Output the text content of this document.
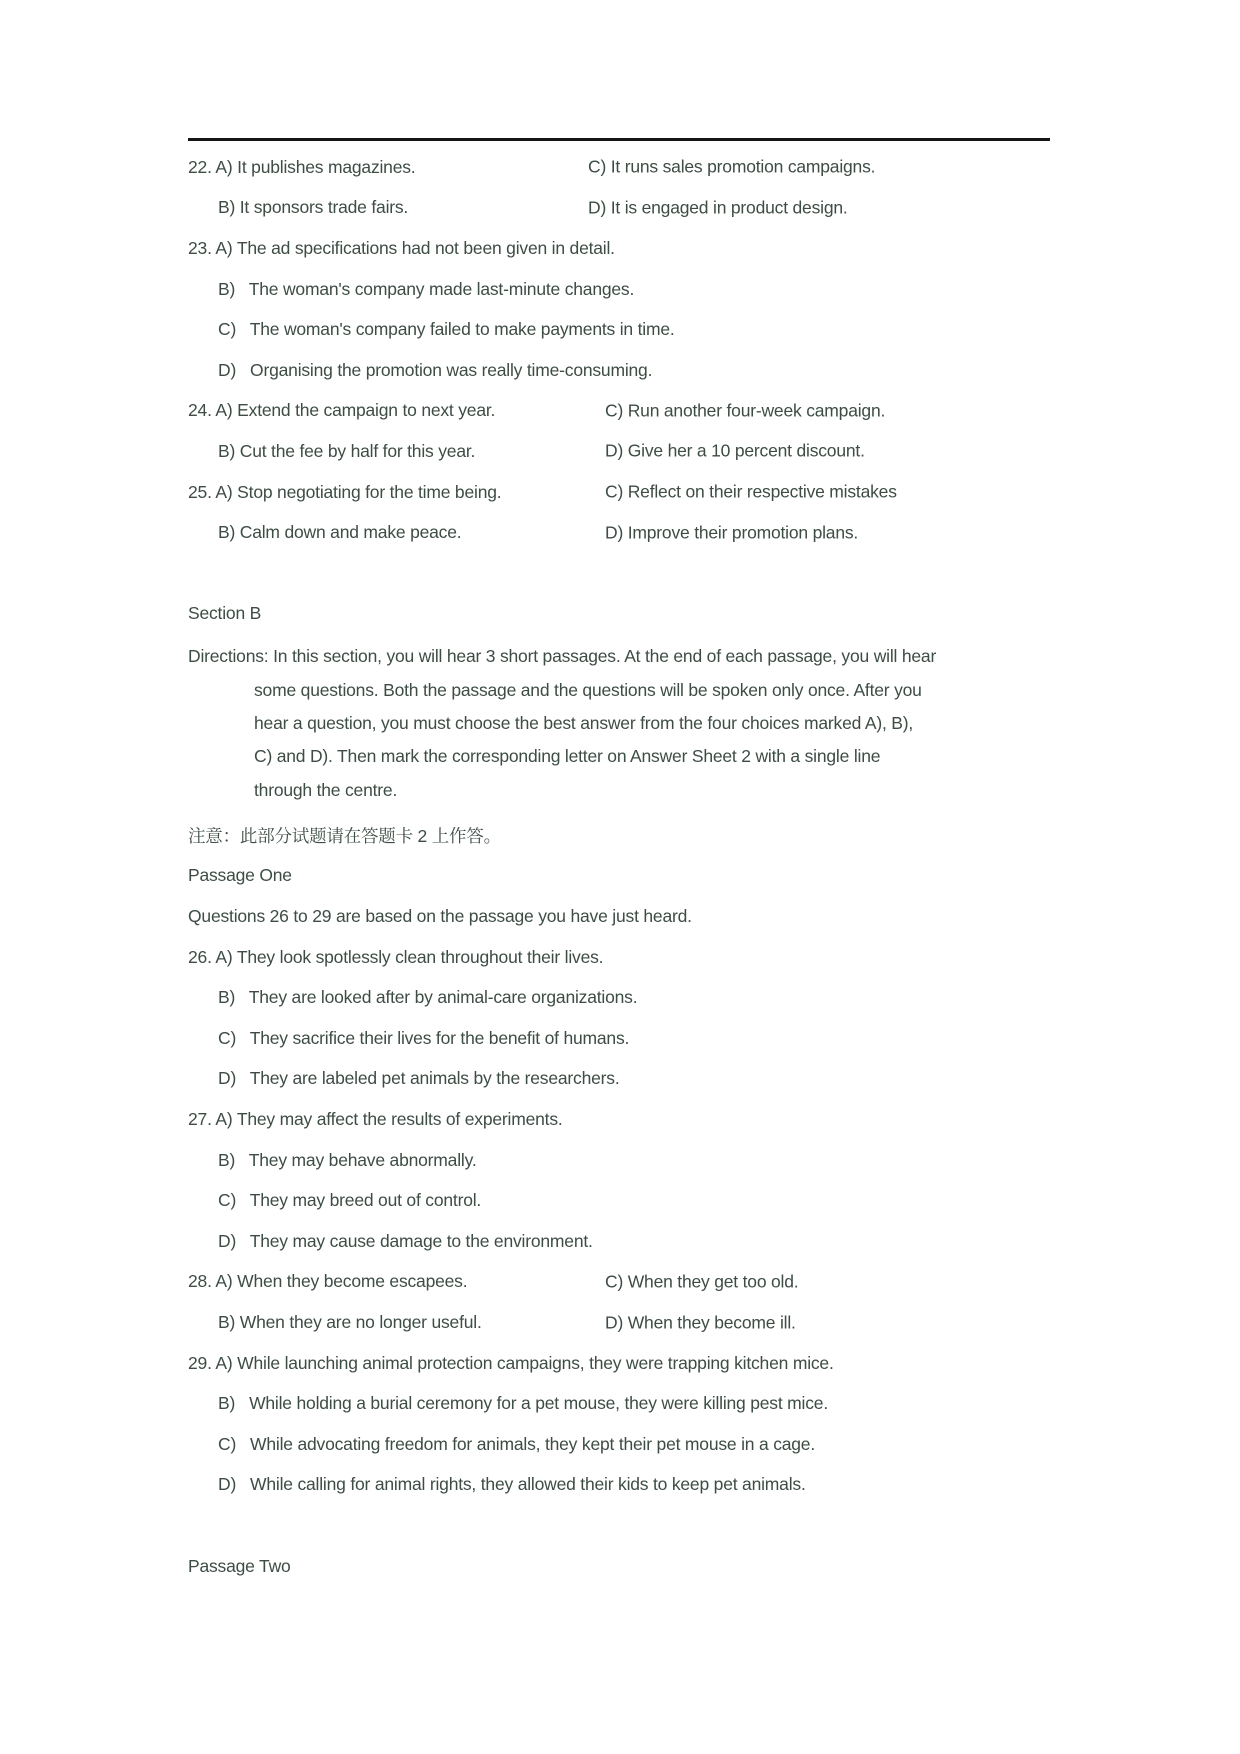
22. A) It publishes magazines.	C) It runs sales promotion campaigns.
B) It sponsors trade fairs.	D) It is engaged in product design.
23. A) The ad specifications had not been given in detail.
B)   The woman's company made last-minute changes.
C)   The woman's company failed to make payments in time.
D)   Organising the promotion was really time-consuming.
24. A) Extend the campaign to next year.	C) Run another four-week campaign.
B) Cut the fee by half for this year.	D) Give her a 10 percent discount.
25. A) Stop negotiating for the time being.	C) Reflect on their respective mistakes
B) Calm down and make peace.	D) Improve their promotion plans.
Section B
Directions: In this section, you will hear 3 short passages. At the end of each passage, you will hear
some questions. Both the passage and the questions will be spoken only once. After you
hear a question, you must choose the best answer from the four choices marked A), B),
C) and D). Then mark the corresponding letter on Answer Sheet 2 with a single line
through the centre.
注意：此部分试题请在答题卡 2 上作答。
Passage One
Questions 26 to 29 are based on the passage you have just heard.
26. A) They look spotlessly clean throughout their lives.
B)   They are looked after by animal-care organizations.
C)   They sacrifice their lives for the benefit of humans.
D)   They are labeled pet animals by the researchers.
27. A) They may affect the results of experiments.
B)   They may behave abnormally.
C)   They may breed out of control.
D)   They may cause damage to the environment.
28. A) When they become escapees.	C) When they get too old.
B) When they are no longer useful.	D) When they become ill.
29. A) While launching animal protection campaigns, they were trapping kitchen mice.
B)   While holding a burial ceremony for a pet mouse, they were killing pest mice.
C)   While advocating freedom for animals, they kept their pet mouse in a cage.
D)   While calling for animal rights, they allowed their kids to keep pet animals.
Passage Two
